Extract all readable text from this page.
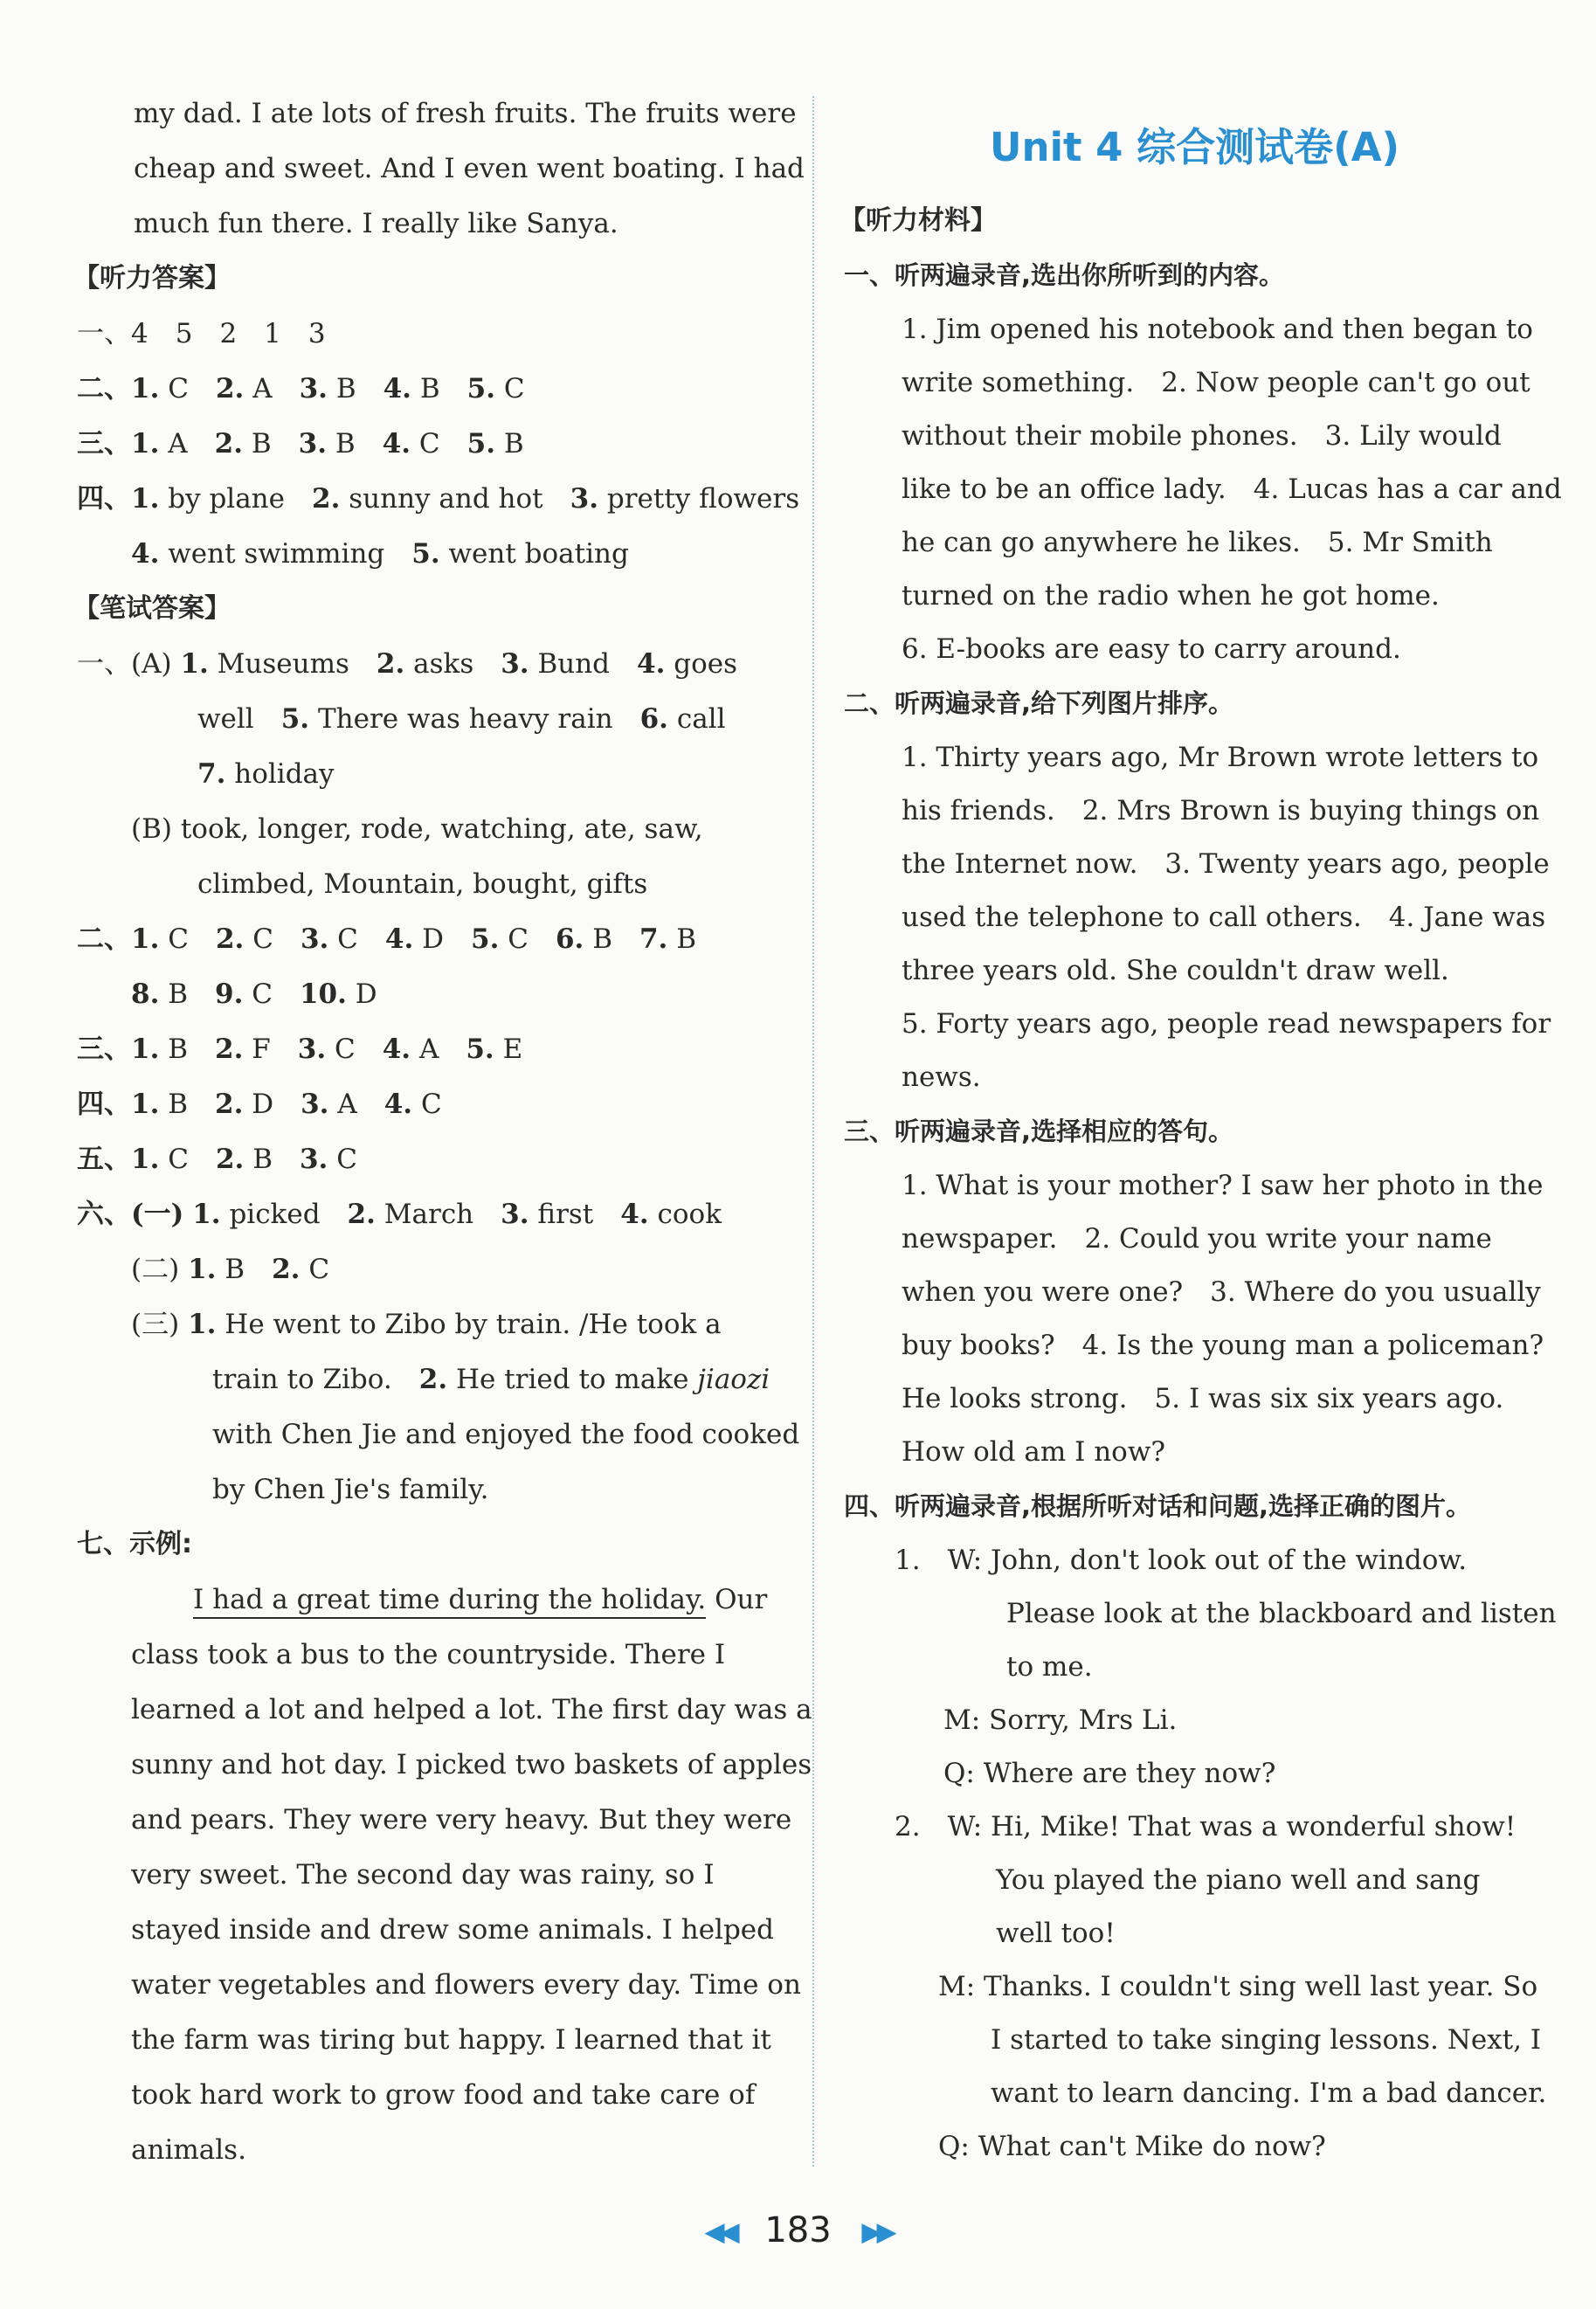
my dad. I ate lots of fresh fruits. The fruits were
cheap and sweet. And I even went boating. I had
much fun there. I really like Sanya.
【听力答案】
一、4　5　2　1　3
二、1. C　 2. A　 3. B　 4. B　 5. C
三、1. A　 2. B　 3. B　 4. C　 5. B
四、1. by plane　 2. sunny and hot　 3. pretty flowers
4. went swimming　 5. went boating
【笔试答案】
一、(A) 1. Museums　 2. asks　 3. Bund　 4. goes
well　 5. There was heavy rain　 6. call
7. holiday
(B) took, longer, rode, watching, ate, saw,
climbed, Mountain, bought, gifts
二、1. C　 2. C　 3. C　 4. D　 5. C　 6. B　 7. B
8. B　 9. C　 10. D
三、1. B　 2. F　 3. C　 4. A　 5. E
四、1. B　 2. D　 3. A　 4. C
五、1. C　 2. B　 3. C
六、(一) 1. picked　 2. March　 3. first　 4. cook
(二) 1. B　 2. C
(三) 1. He went to Zibo by train. /He took a
train to Zibo.　 2. He tried to make jiaozi
with Chen Jie and enjoyed the food cooked
by Chen Jie's family.
七、示例:
I had a great time during the holiday. Our
class took a bus to the countryside. There I
learned a lot and helped a lot. The first day was a
sunny and hot day. I picked two baskets of apples
and pears. They were very heavy. But they were
very sweet. The second day was rainy, so I
stayed inside and drew some animals. I helped
water vegetables and flowers every day. Time on
the farm was tiring but happy. I learned that it
took hard work to grow food and take care of
animals.
Unit 4 综合测试卷(A)
【听力材料】
一、听两遍录音,选出你所听到的内容。
1. Jim opened his notebook and then began to
write something.　2. Now people can't go out
without their mobile phones.　3. Lily would
like to be an office lady.　4. Lucas has a car and
he can go anywhere he likes.　5. Mr Smith
turned on the radio when he got home.
6. E-books are easy to carry around.
二、听两遍录音,给下列图片排序。
1. Thirty years ago, Mr Brown wrote letters to
his friends.　2. Mrs Brown is buying things on
the Internet now.　3. Twenty years ago, people
used the telephone to call others.　4. Jane was
three years old. She couldn't draw well.
5. Forty years ago, people read newspapers for
news.
三、听两遍录音,选择相应的答句。
1. What is your mother? I saw her photo in the
newspaper.　2. Could you write your name
when you were one?　3. Where do you usually
buy books?　4. Is the young man a policeman?
He looks strong.　5. I was six six years ago.
How old am I now?
四、听两遍录音,根据所听对话和问题,选择正确的图片。
1.　W: John, don't look out of the window.
Please look at the blackboard and listen
to me.
M: Sorry, Mrs Li.
Q: Where are they now?
2.　W: Hi, Mike! That was a wonderful show!
You played the piano well and sang
well too!
M: Thanks. I couldn't sing well last year. So
I started to take singing lessons. Next, I
want to learn dancing. I'm a bad dancer.
Q: What can't Mike do now?
◀◀ 183 ▶▶
